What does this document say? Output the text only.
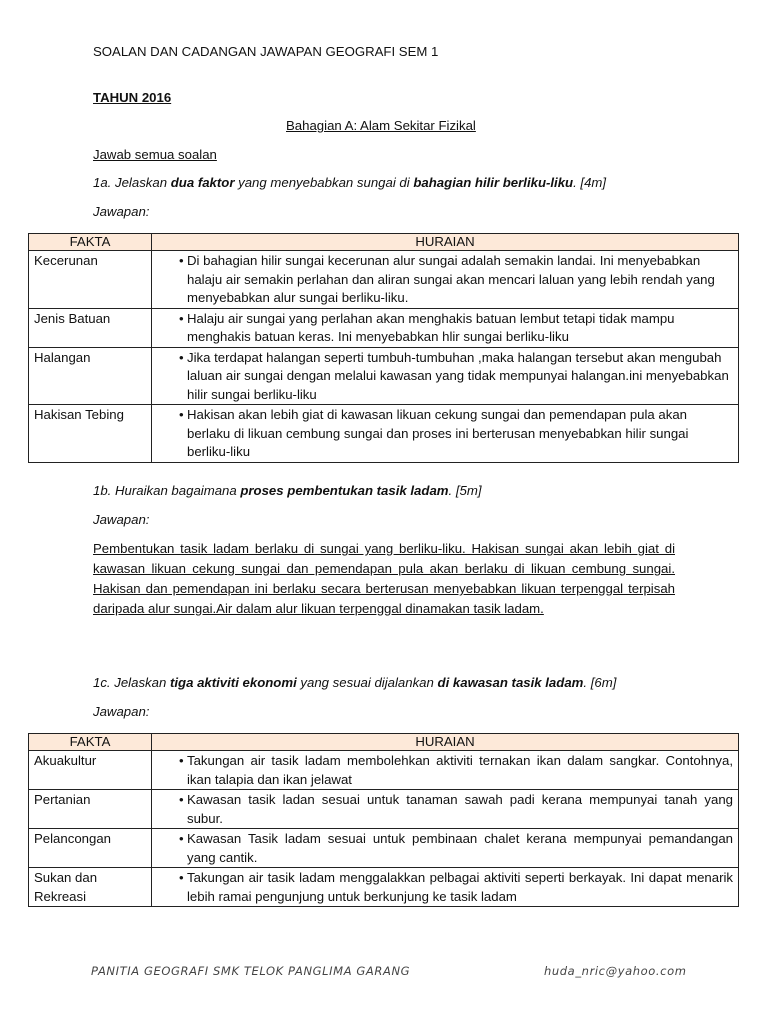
SOALAN DAN CADANGAN JAWAPAN GEOGRAFI SEM 1
TAHUN 2016
Bahagian A: Alam Sekitar Fizikal
Jawab semua soalan
1a. Jelaskan dua faktor yang menyebabkan sungai di bahagian hilir berliku-liku. [4m]
Jawapan:
FAKTA	HURAIAN
Kecerunan	• Di bahagian hilir sungai kecerunan alur sungai adalah semakin landai. Ini menyebabkan halaju air semakin perlahan dan aliran sungai akan mencari laluan yang lebih rendah yang menyebabkan alur sungai berliku-liku.

Jenis Batuan	• Halaju air sungai yang perlahan akan menghakis batuan lembut tetapi tidak mampu menghakis batuan keras. Ini menyebabkan hlir sungai berliku-liku

Halangan	• Jika terdapat halangan seperti tumbuh-tumbuhan ,maka halangan tersebut akan mengubah laluan air sungai dengan melalui kawasan yang tidak mempunyai halangan.ini menyebabkan hilir sungai berliku-liku

Hakisan Tebing	• Hakisan akan lebih giat di kawasan likuan cekung sungai dan pemendapan pula akan berlaku di likuan cembung sungai dan proses ini berterusan menyebabkan hilir sungai berliku-liku
1b. Huraikan bagaimana proses pembentukan tasik ladam. [5m]
Jawapan:
Pembentukan tasik ladam berlaku di sungai yang berliku-liku. Hakisan sungai akan lebih giat di kawasan likuan cekung sungai dan pemendapan pula akan berlaku di likuan cembung sungai. Hakisan dan pemendapan ini berlaku secara berterusan menyebabkan likuan terpenggal terpisah daripada alur sungai.Air dalam alur likuan terpenggal dinamakan tasik ladam.
1c. Jelaskan tiga aktiviti ekonomi yang sesuai dijalankan di kawasan tasik ladam. [6m]
Jawapan:
FAKTA	HURAIAN
Akuakultur	• Takungan air tasik ladam membolehkan aktiviti ternakan ikan dalam sangkar. Contohnya, ikan talapia dan ikan jelawat

Pertanian	• Kawasan tasik ladan sesuai untuk tanaman sawah padi kerana mempunyai tanah yang subur.

Pelancongan	• Kawasan Tasik ladam sesuai untuk pembinaan chalet kerana mempunyai pemandangan yang cantik.

Sukan dan Rekreasi	• Takungan air tasik ladam menggalakkan pelbagai aktiviti seperti berkayak. Ini dapat menarik lebih ramai pengunjung untuk berkunjung ke tasik ladam
PANITIA GEOGRAFI SMK TELOK PANGLIMA GARANG	huda_nric@yahoo.com
